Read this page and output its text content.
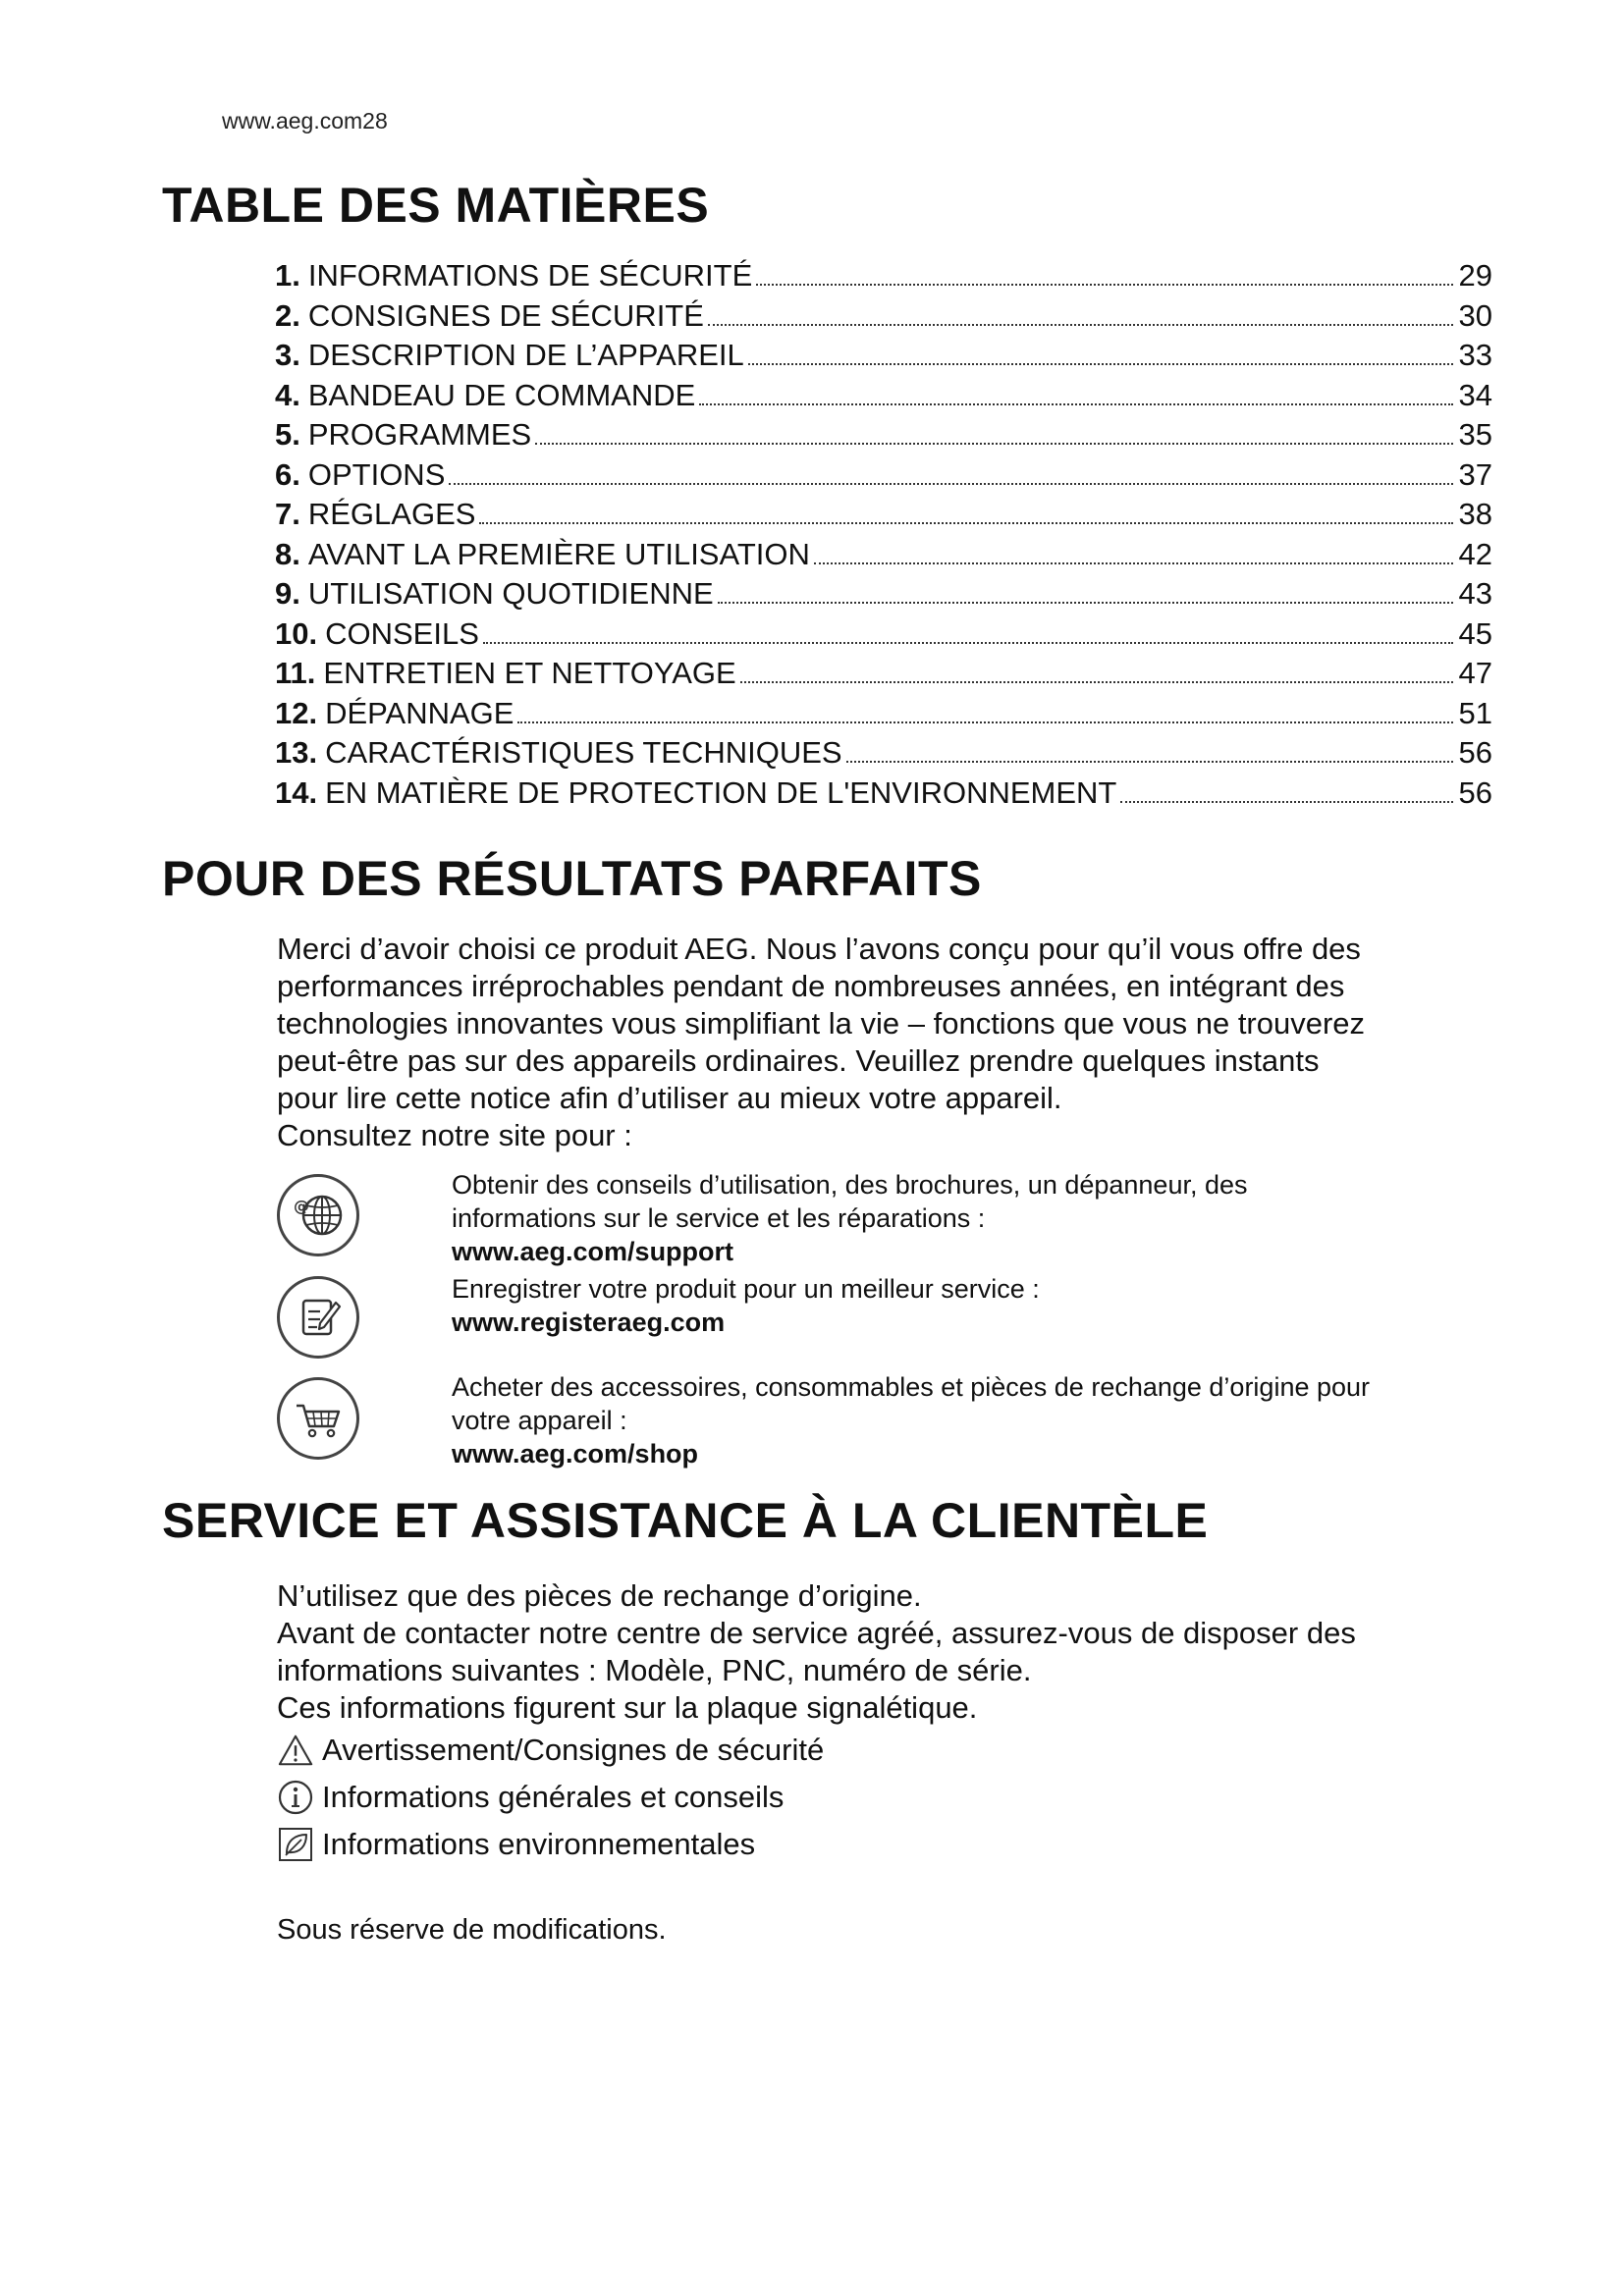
www.aeg.com28
TABLE DES MATIÈRES
1. INFORMATIONS DE SÉCURITÉ	29
2. CONSIGNES DE SÉCURITÉ	30
3. DESCRIPTION DE L’APPAREIL	33
4. BANDEAU DE COMMANDE	34
5. PROGRAMMES	35
6. OPTIONS	37
7. RÉGLAGES	38
8. AVANT LA PREMIÈRE UTILISATION	42
9. UTILISATION QUOTIDIENNE	43
10. CONSEILS	45
11. ENTRETIEN ET NETTOYAGE	47
12. DÉPANNAGE	51
13. CARACTÉRISTIQUES TECHNIQUES	56
14. EN MATIÈRE DE PROTECTION DE L'ENVIRONNEMENT	56
POUR DES RÉSULTATS PARFAITS
Merci d’avoir choisi ce produit AEG. Nous l’avons conçu pour qu’il vous offre des
performances irréprochables pendant de nombreuses années, en intégrant des
technologies innovantes vous simplifiant la vie – fonctions que vous ne trouverez
peut-être pas sur des appareils ordinaires. Veuillez prendre quelques instants
pour lire cette notice afin d’utiliser au mieux votre appareil.
Consultez notre site pour :
@
Obtenir des conseils d’utilisation, des brochures, un dépanneur, des
informations sur le service et les réparations :
www.aeg.com/support
Enregistrer votre produit pour un meilleur service :
www.registeraeg.com
Acheter des accessoires, consommables et pièces de rechange d’origine pour
votre appareil :
www.aeg.com/shop
SERVICE ET ASSISTANCE À LA CLIENTÈLE
N’utilisez que des pièces de rechange d’origine.
Avant de contacter notre centre de service agréé, assurez-vous de disposer des
informations suivantes : Modèle, PNC, numéro de série.
Ces informations figurent sur la plaque signalétique.
Avertissement/Consignes de sécurité
Informations générales et conseils
Informations environnementales
Sous réserve de modifications.
